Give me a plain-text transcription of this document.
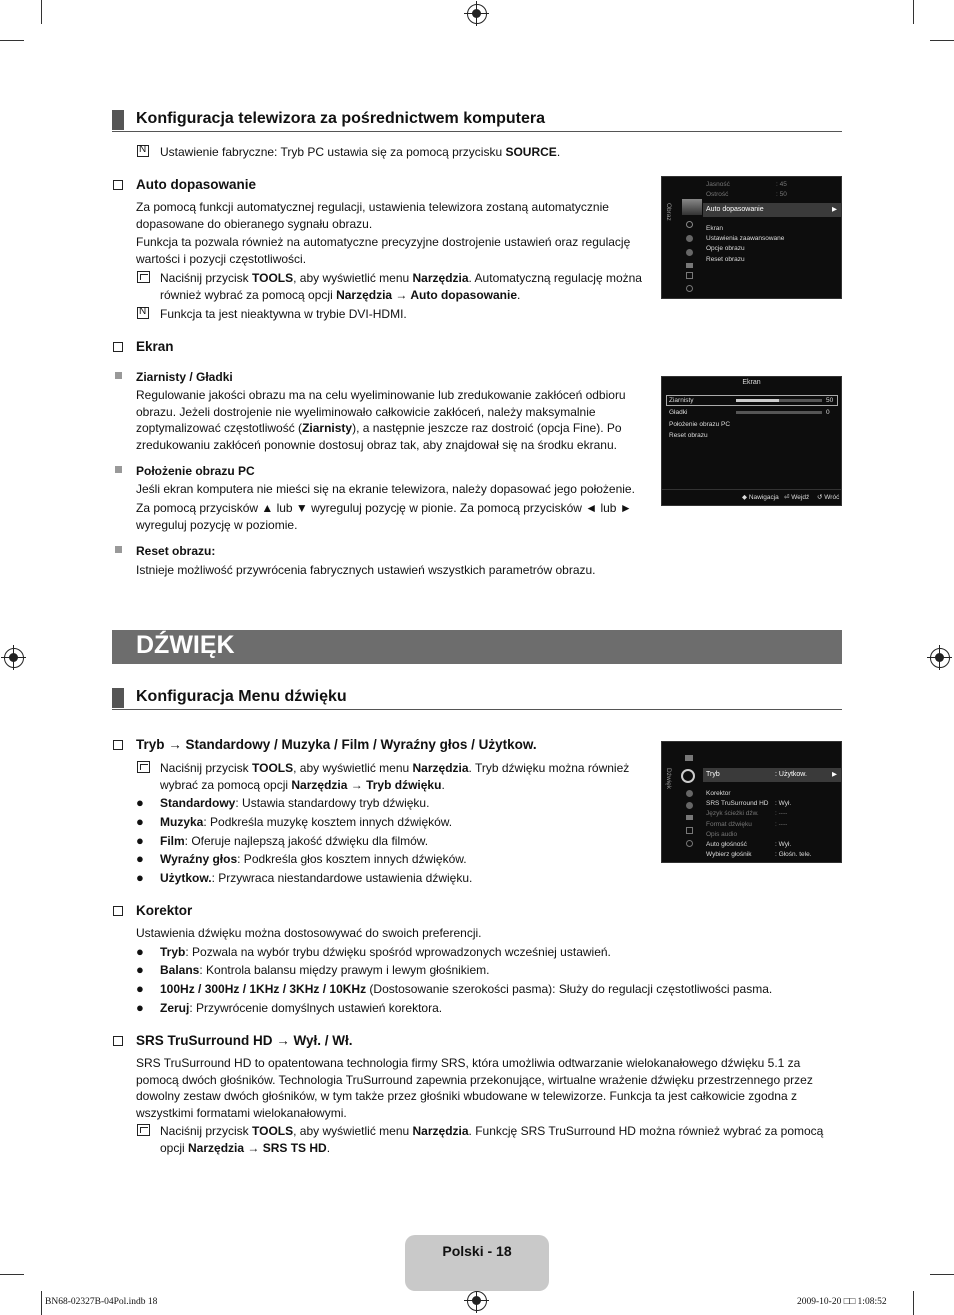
Konfiguracja telewizora za pośrednictwem komputera
N
Ustawienie fabryczne: Tryb PC ustawia się za pomocą przycisku SOURCE.
Auto dopasowanie
Za pomocą funkcji automatycznej regulacji, ustawienia telewizora zostaną automatycznie dopasowane do obieranego sygnału obrazu.
Funkcja ta pozwala również na automatyczne precyzyjne dostrojenie ustawień oraz regulację wartości i pozycji częstotliwości.
Naciśnij przycisk TOOLS, aby wyświetlić menu Narzędzia. Automatyczną regulację można również wybrać za pomocą opcji Narzędzia → Auto dopasowanie.
N
Funkcja ta jest nieaktywna w trybie DVI-HDMI.
Obraz
Jasność	: 45
Ostrość	: 50
Auto dopasowanie	▶
Ekran
Ustawienia zaawansowane
Opcje obrazu
Reset obrazu
Ekran
Ziarnisty / Gładki
Regulowanie jakości obrazu ma na celu wyeliminowanie lub zredukowanie zakłóceń odbioru obrazu. Jeżeli dostrojenie nie wyeliminowało całkowicie zakłóceń, należy maksymalnie zoptymalizować częstotliwość (Ziarnisty), a następnie jeszcze raz dostroić (opcja Fine). Po zredukowaniu zakłóceń ponownie dostosuj obraz tak, aby znajdował się na środku ekranu.
Położenie obrazu PC
Jeśli ekran komputera nie mieści się na ekranie telewizora, należy dopasować jego położenie.
Za pomocą przycisków ▲ lub ▼ wyreguluj pozycję w pionie. Za pomocą przycisków ◄ lub ► wyreguluj pozycję w poziomie.
Reset obrazu:
Istnieje możliwość przywrócenia fabrycznych ustawień wszystkich parametrów obrazu.
Ekran
Ziarnisty	50
Gładki	0
Położenie obrazu PC
Reset obrazu
◆ Nawigacja ⏎ Wejdź ↺ Wróć
DŹWIĘK
Konfiguracja Menu dźwięku
Tryb → Standardowy / Muzyka / Film / Wyraźny głos / Użytkow.
Naciśnij przycisk TOOLS, aby wyświetlić menu Narzędzia. Tryb dźwięku można również wybrać za pomocą opcji Narzędzia → Tryb dźwięku.
● Standardowy: Ustawia standardowy tryb dźwięku.
● Muzyka: Podkreśla muzykę kosztem innych dźwięków.
● Film: Oferuje najlepszą jakość dźwięku dla filmów.
● Wyraźny głos: Podkreśla głos kosztem innych dźwięków.
● Użytkow.: Przywraca niestandardowe ustawienia dźwięku.
Dźwięk	Tryb	: Użytkow.	▶
Korektor
SRS TruSurround HD : Wył.
Język ścieżki dźw.	: ----
Format dźwięku	: ----
Opis audio
Auto głośność	: Wył.
Wybierz głośnik	: Głośn. tele.
Korektor
Ustawienia dźwięku można dostosowywać do swoich preferencji.
● Tryb: Pozwala na wybór trybu dźwięku spośród wprowadzonych wcześniej ustawień.
● Balans: Kontrola balansu między prawym i lewym głośnikiem.
● 100Hz / 300Hz / 1KHz / 3KHz / 10KHz (Dostosowanie szerokości pasma): Służy do regulacji częstotliwości pasma.
● Zeruj: Przywrócenie domyślnych ustawień korektora.
SRS TruSurround HD → Wył. / Wł.
SRS TruSurround HD to opatentowana technologia firmy SRS, która umożliwia odtwarzanie wielokanałowego dźwięku 5.1 za pomocą dwóch głośników. Technologia TruSurround zapewnia przekonujące, wirtualne wrażenie dźwięku przestrzennego przez dowolny zestaw dwóch głośników, w tym także przez głośniki wbudowane w telewizorze. Funkcja ta jest całkowicie zgodna z wszystkimi formatami wielokanałowymi.
Naciśnij przycisk TOOLS, aby wyświetlić menu Narzędzia. Funkcję SRS TruSurround HD można również wybrać za pomocą opcji Narzędzia → SRS TS HD.
Polski - 18
BN68-02327B-04Pol.indb 18	2009-10-20 □□ 1:08:52
